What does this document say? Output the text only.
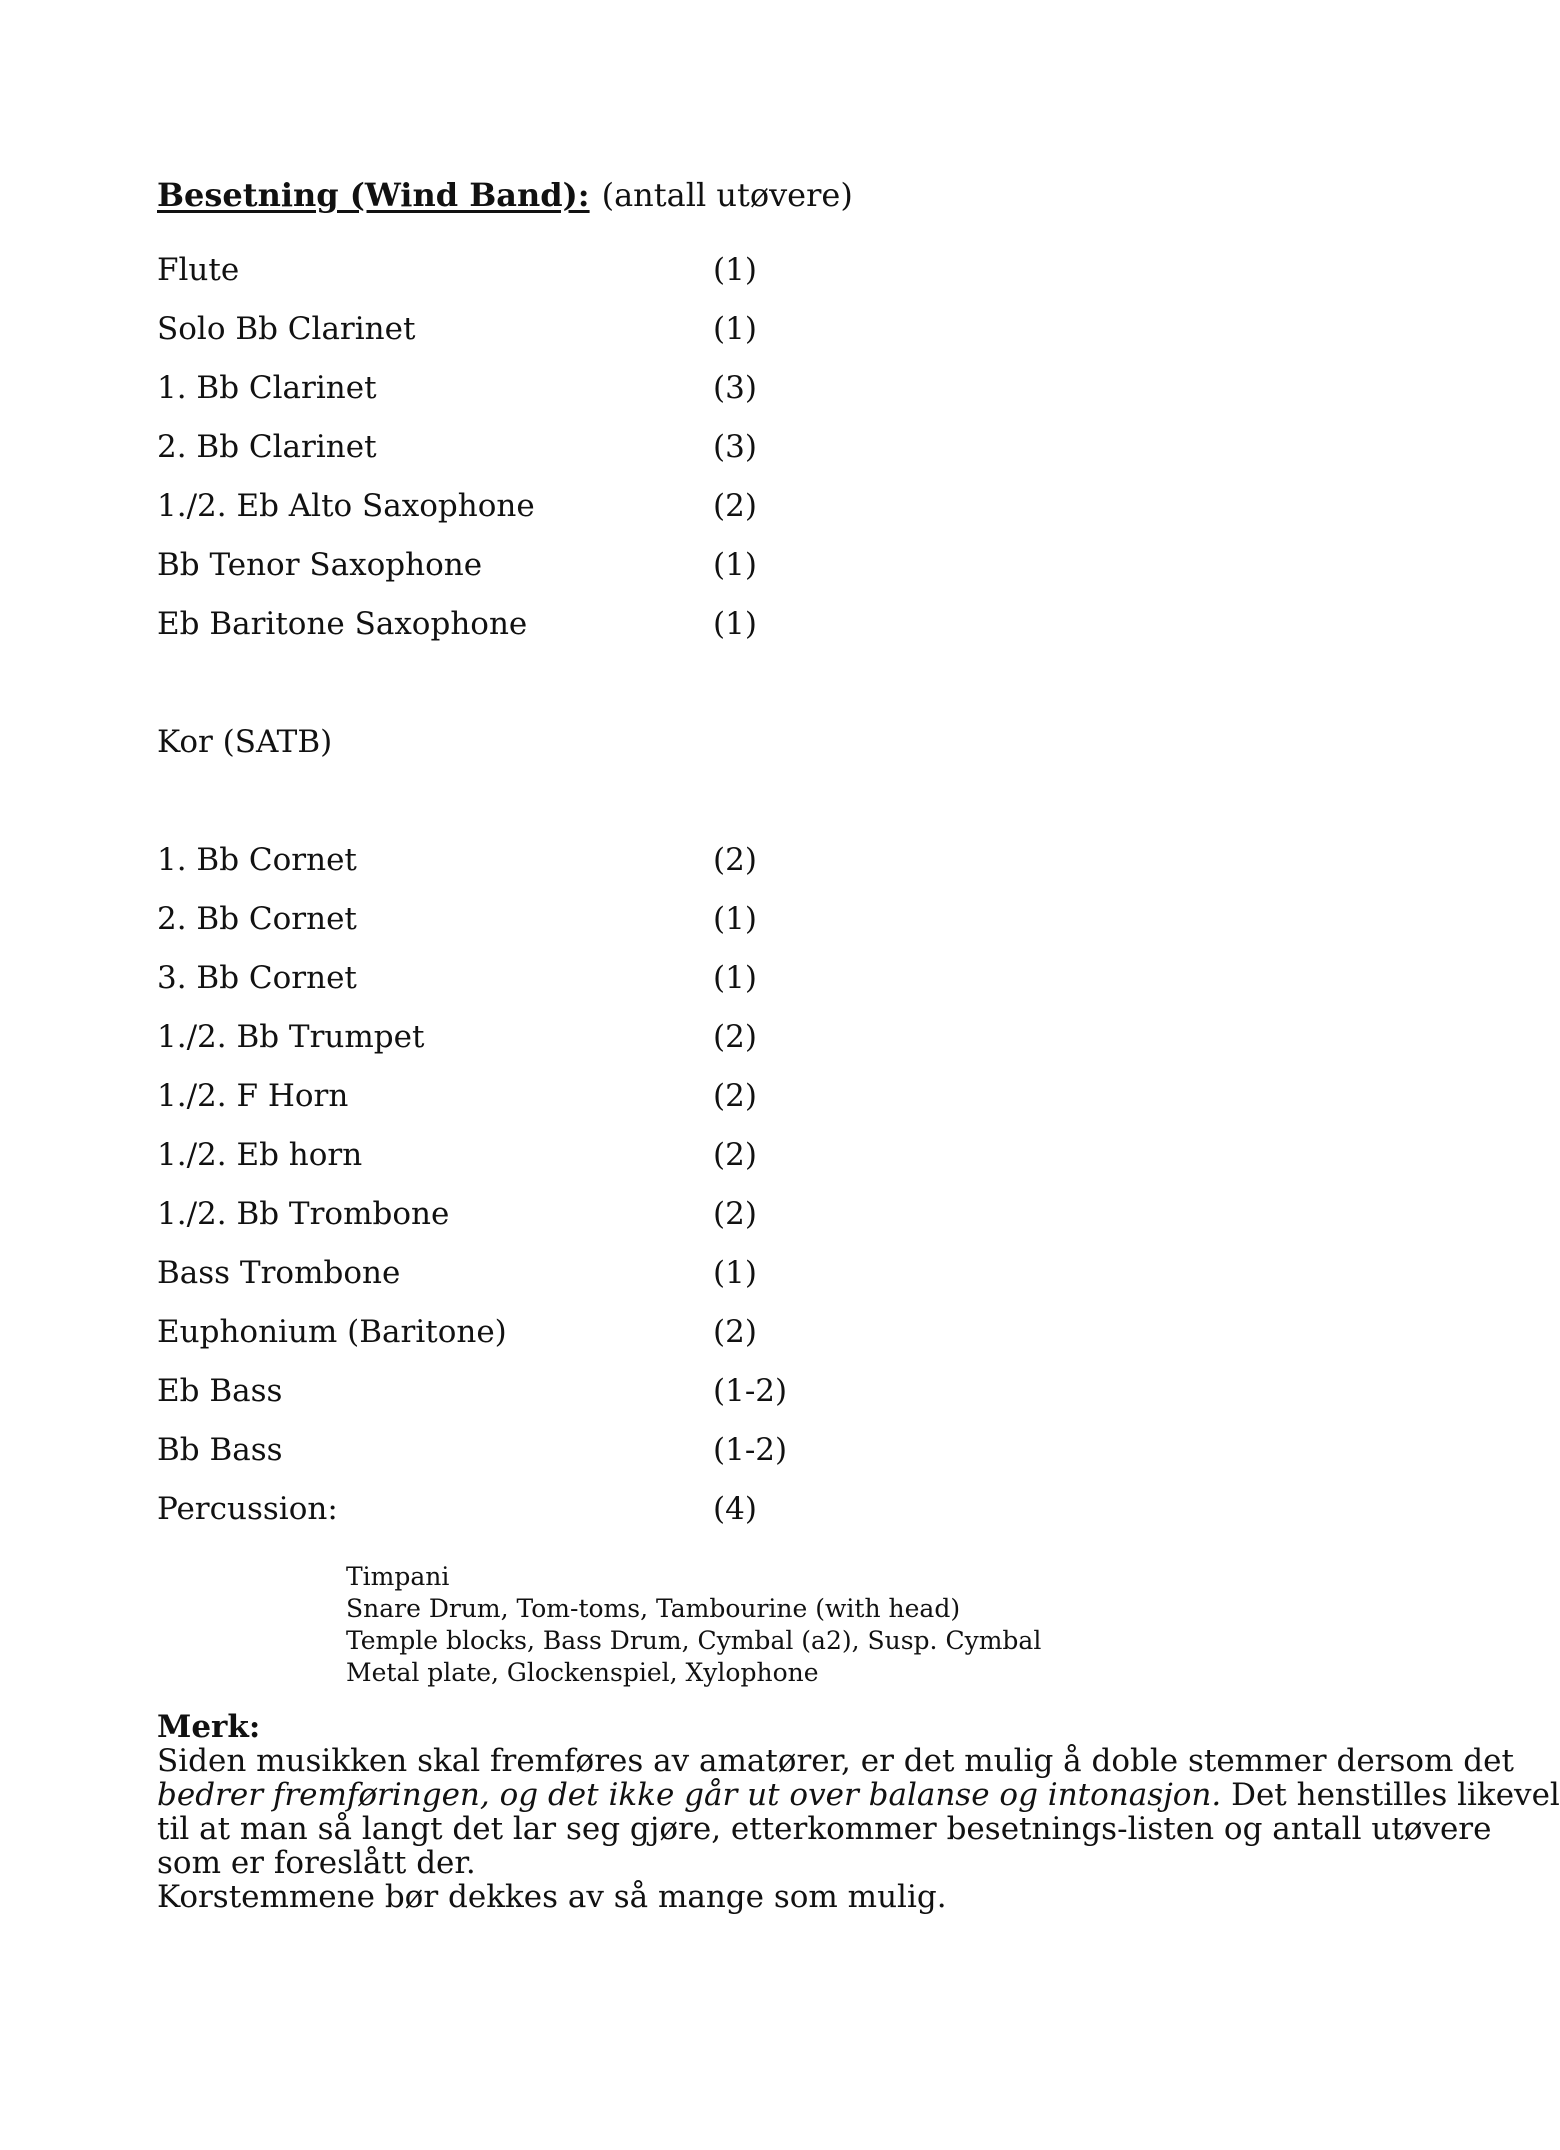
Besetning (Wind Band): (antall utøvere)
Flute	(1)
Solo Bb Clarinet	(1)
1. Bb Clarinet	(3)
2. Bb Clarinet	(3)
1./2. Eb Alto Saxophone	(2)
Bb Tenor Saxophone	(1)
Eb Baritone Saxophone	(1)
Kor (SATB)
1. Bb Cornet	(2)
2. Bb Cornet	(1)
3. Bb Cornet	(1)
1./2. Bb Trumpet	(2)
1./2. F Horn	(2)
1./2. Eb horn	(2)
1./2. Bb Trombone	(2)
Bass Trombone	(1)
Euphonium (Baritone)	(2)
Eb Bass	(1-2)
Bb Bass	(1-2)
Percussion:	(4)
Timpani
Snare Drum, Tom-toms, Tambourine (with head)
Temple blocks, Bass Drum, Cymbal (a2), Susp. Cymbal
Metal plate, Glockenspiel, Xylophone
Merk:
Siden musikken skal fremføres av amatører, er det mulig å doble stemmer dersom det
bedrer fremføringen, og det ikke går ut over balanse og intonasjon. Det henstilles likevel
til at man så langt det lar seg gjøre, etterkommer besetnings-listen og antall utøvere
som er foreslått der.
Korstemmene bør dekkes av så mange som mulig.
